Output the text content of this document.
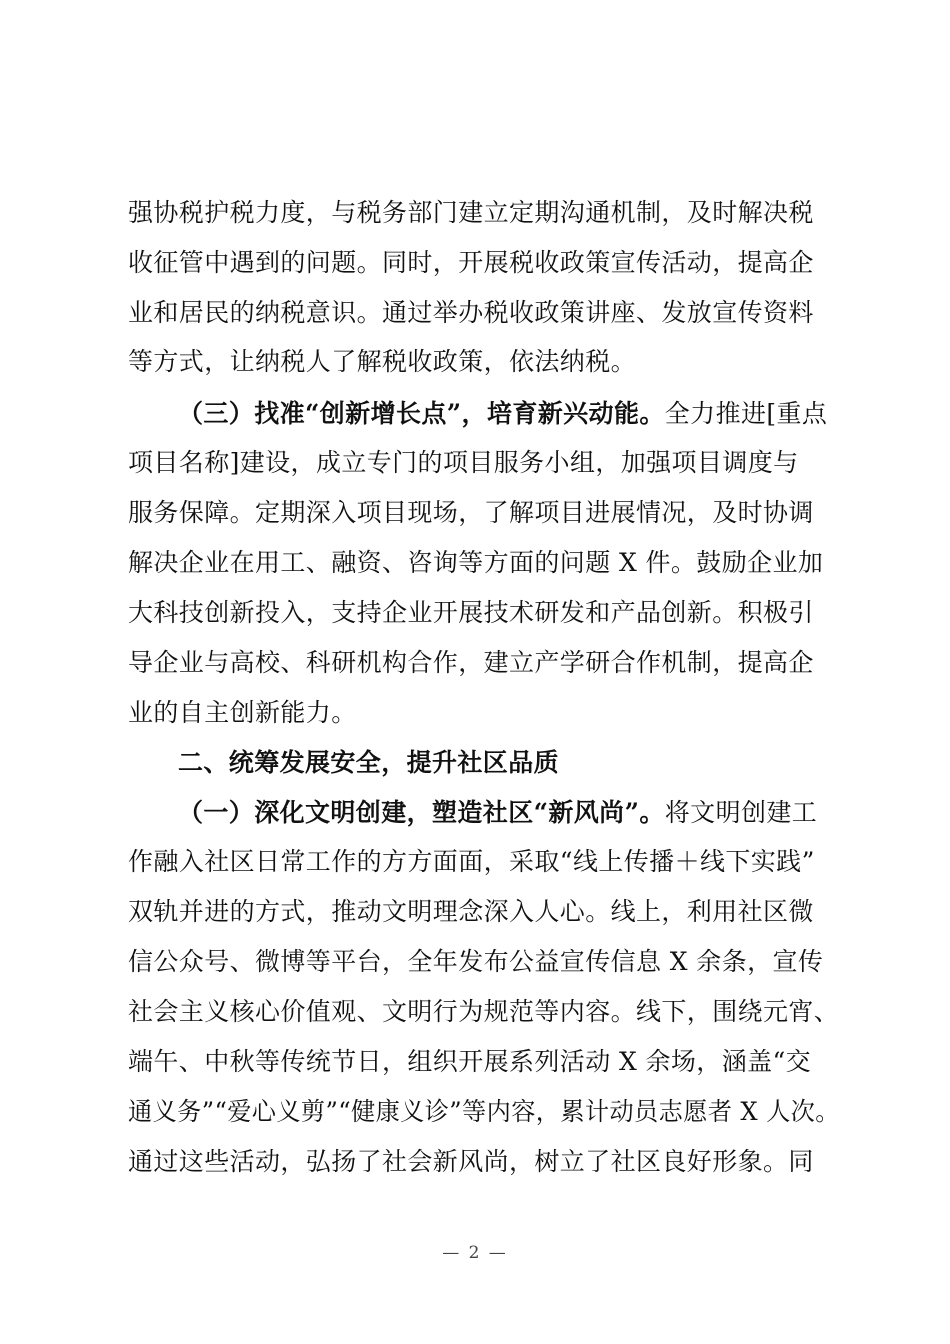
强协税护税力度，与税务部门建立定期沟通机制，及时解决税
收征管中遇到的问题。同时，开展税收政策宣传活动，提高企
业和居民的纳税意识。通过举办税收政策讲座、发放宣传资料
等方式，让纳税人了解税收政策，依法纳税。
（三）找准“创新增长点”，培育新兴动能。全力推进[重点
项目名称]建设，成立专门的项目服务小组，加强项目调度与
服务保障。定期深入项目现场，了解项目进展情况，及时协调
解决企业在用工、融资、咨询等方面的问题 X 件。鼓励企业加
大科技创新投入，支持企业开展技术研发和产品创新。积极引
导企业与高校、科研机构合作，建立产学研合作机制，提高企
业的自主创新能力。
二、统筹发展安全，提升社区品质
（一）深化文明创建，塑造社区“新风尚”。将文明创建工
作融入社区日常工作的方方面面，采取“线上传播＋线下实践”
双轨并进的方式，推动文明理念深入人心。线上，利用社区微
信公众号、微博等平台，全年发布公益宣传信息 X 余条，宣传
社会主义核心价值观、文明行为规范等内容。线下，围绕元宵、
端午、中秋等传统节日，组织开展系列活动 X 余场，涵盖“交
通义务”“爱心义剪”“健康义诊”等内容，累计动员志愿者 X 人次。
通过这些活动，弘扬了社会新风尚，树立了社区良好形象。同
— 2 —
